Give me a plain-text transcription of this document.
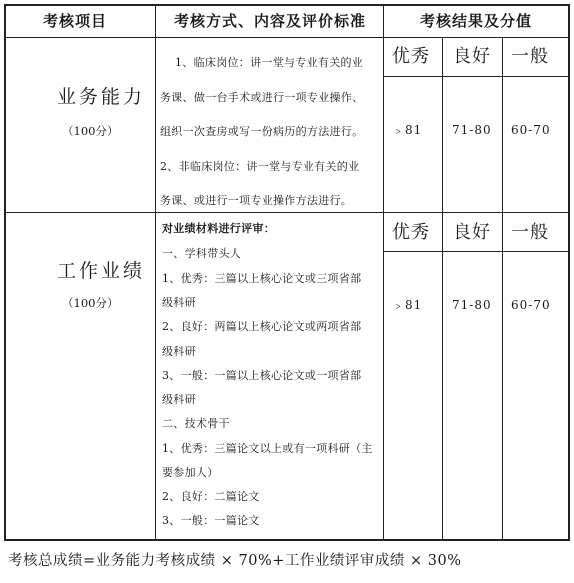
考核项目	考核方式、内容及评价标准	考核结果及分值
业务能力
（100分）
1、临床岗位：讲一堂与专业有关的业
务课、做一台手术或进行一项专业操作、
组织一次查房或写一份病历的方法进行。
2、非临床岗位：讲一堂与专业有关的业
务课、或进行一项专业操作方法进行。
优秀 良好 一般
﹥81 71-80 60-70
工作业绩
（100分）
对业绩材料进行评审：
一、学科带头人
1、优秀：三篇以上核心论文或三项省部
级科研
2、良好：两篇以上核心论文或两项省部
级科研
3、一般：一篇以上核心论文或一项省部
级科研
二、技术骨干
1、优秀：三篇论文以上或有一项科研（主
要参加人）
2、良好：二篇论文
3、一般：一篇论文
优秀 良好 一般
﹥81 71-80 60-70
考核总成绩=业务能力考核成绩 × 70%+工作业绩评审成绩 × 30%
